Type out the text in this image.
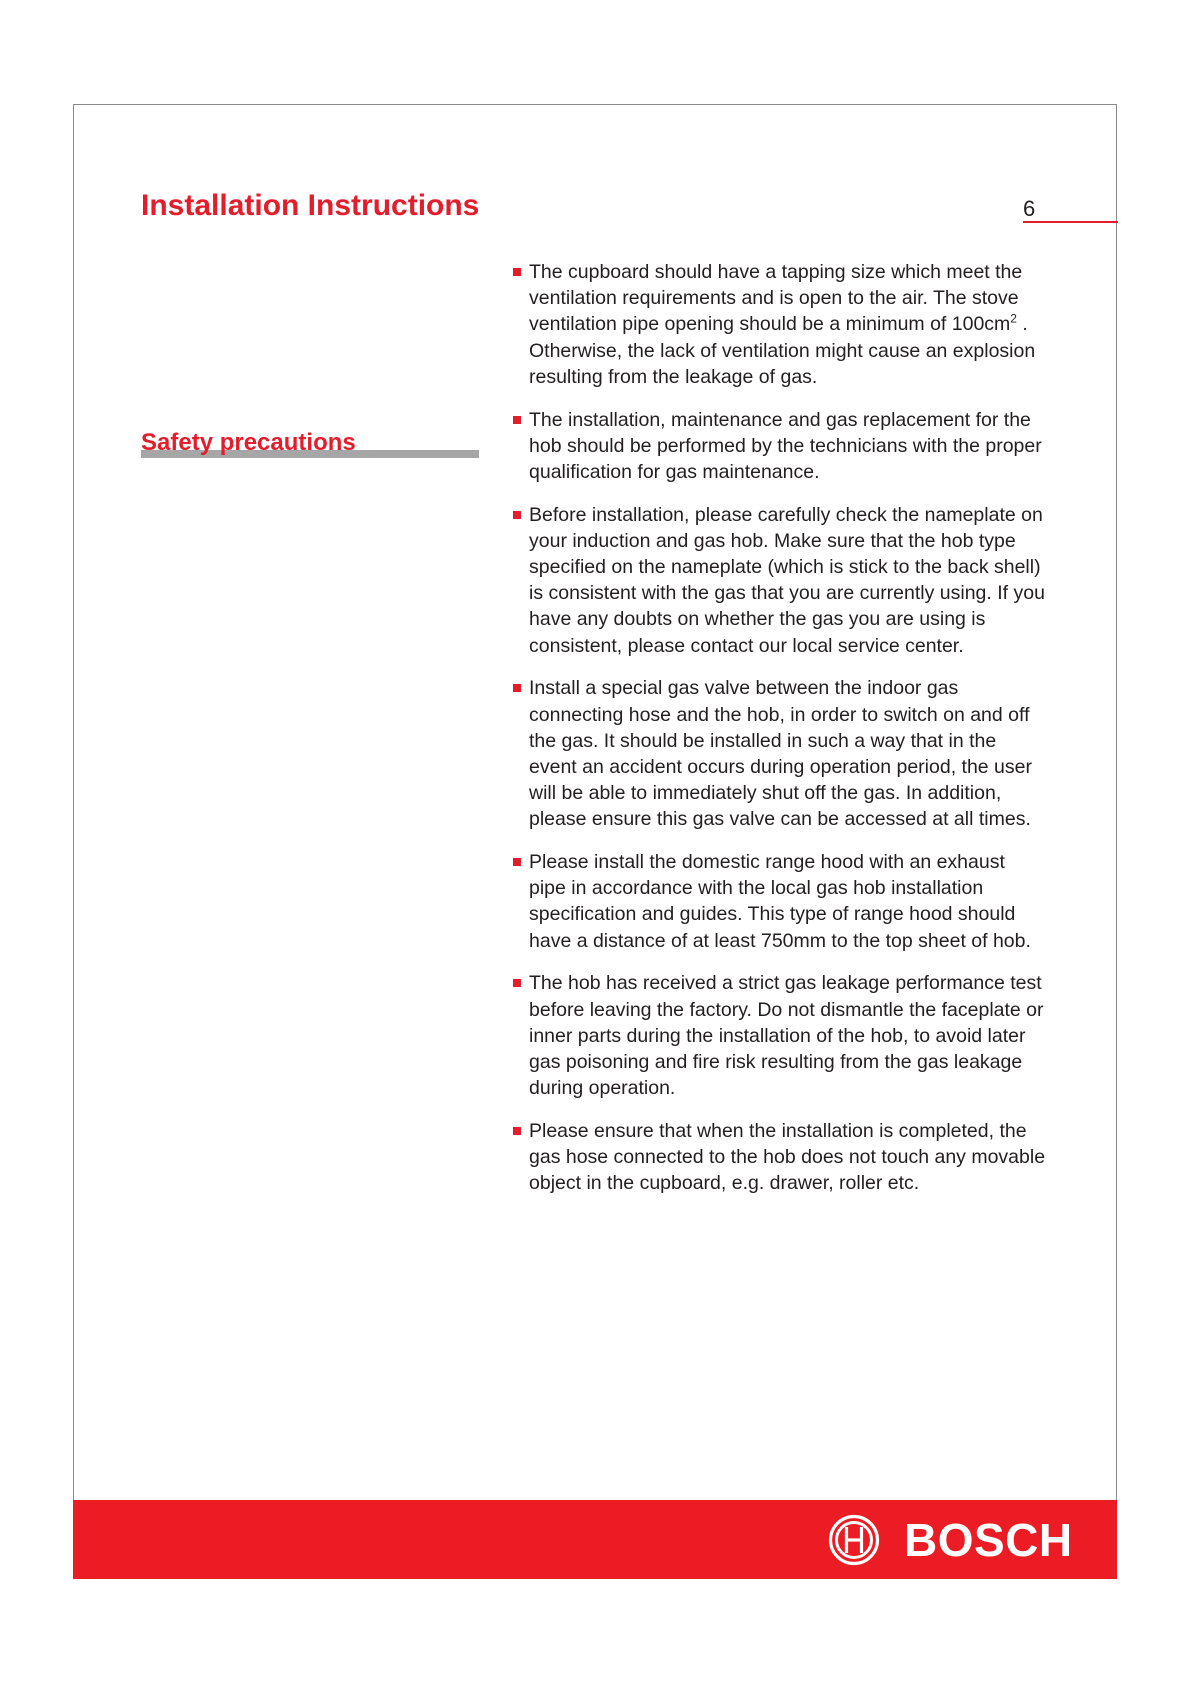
Installation Instructions	6
Safety precautions
The cupboard should have a tapping size which meet the ventilation requirements and is open to the air. The stove ventilation pipe opening should be a minimum of $100cm^2$ . Otherwise, the lack of ventilation might cause an explosion resulting from the leakage of gas.
The installation, maintenance and gas replacement for the hob should be performed by the technicians with the proper qualification for gas maintenance.
Before installation, please carefully check the nameplate on your induction and gas hob. Make sure that the hob type specified on the nameplate (which is stick to the back shell) is consistent with the gas that you are currently using. If you have any doubts on whether the gas you are using is consistent, please contact our local service center.
Install a special gas valve between the indoor gas connecting hose and the hob, in order to switch on and off the gas. It should be installed in such a way that in the event an accident occurs during operation period, the user will be able to immediately shut off the gas. In addition, please ensure this gas valve can be accessed at all times.
Please install the domestic range hood with an exhaust pipe in accordance with the local gas hob installation specification and guides. This type of range hood should have a distance of at least 750mm to the top sheet of hob.
The hob has received a strict gas leakage performance test before leaving the factory. Do not dismantle the faceplate or inner parts during the installation of the hob, to avoid later gas poisoning and fire risk resulting from the gas leakage during operation.
Please ensure that when the installation is completed, the gas hose connected to the hob does not touch any movable object in the cupboard, e.g. drawer, roller etc.
BOSCH
